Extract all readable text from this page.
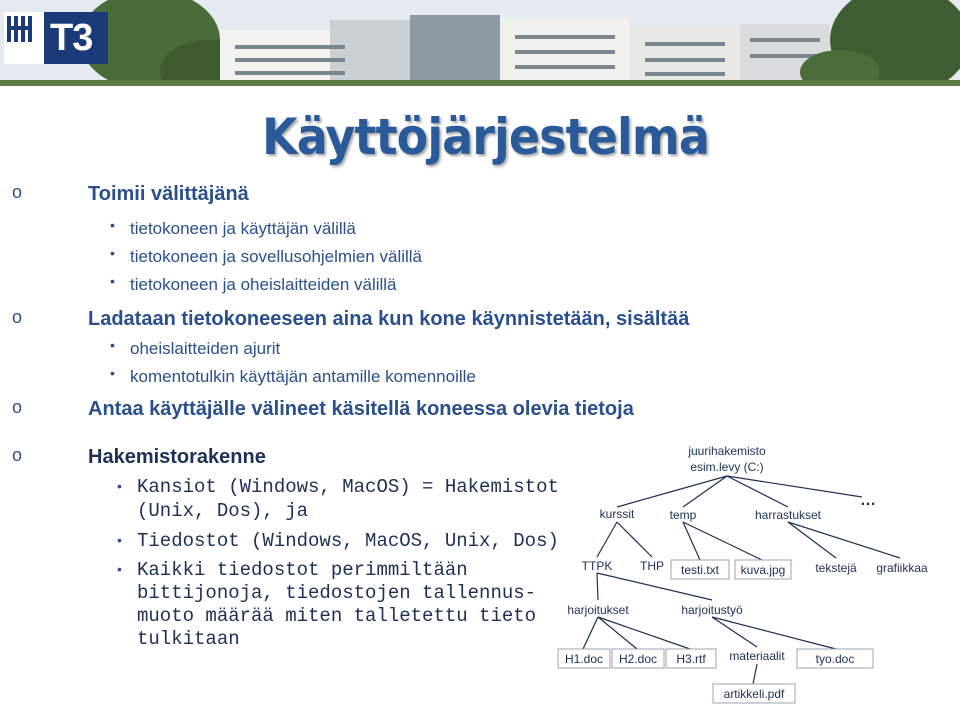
T3
Käyttöjärjestelmä
o	Toimii välittäjänä
• tietokoneen ja käyttäjän välillä
• tietokoneen ja sovellusohjelmien välillä
• tietokoneen ja oheislaitteiden välillä
o	Ladataan tietokoneeseen aina kun kone käynnistetään, sisältää
• oheislaitteiden ajurit
• komentotulkin käyttäjän antamille komennoille
o	Antaa käyttäjälle välineet käsitellä koneessa olevia tietoja
o	Hakemistorakenne
• Kansiot (Windows, MacOS) = Hakemistot
(Unix, Dos), ja
• Tiedostot (Windows, MacOS, Unix, Dos)
• Kaikki tiedostot perimmiltään
bittijonoja, tiedostojen tallennus-
muoto määrää miten talletettu tieto
tulkitaan
juurihakemisto
esim.levy (C:)
…
kurssit	temp	harrastukset
TTPK THP testi.txt kuva.jpg tekstejä grafiikkaa
harjoitukset	harjoitustyö
H1.doc H2.doc H3.rtf materiaalit	tyo.doc
artikkeli.pdf
